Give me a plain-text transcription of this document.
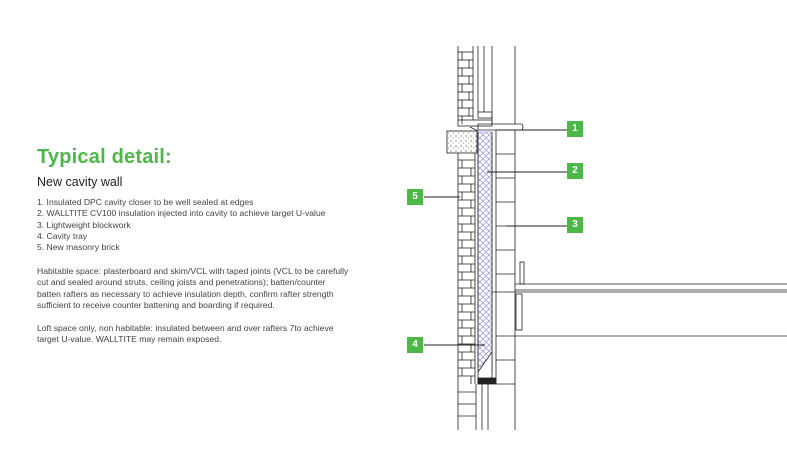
Typical detail:
New cavity wall
1. Insulated DPC cavity closer to be well sealed at edges
2. WALLTITE CV100 insulation injected into cavity to achieve target U-value
3. Lightweight blockwork
4. Cavity tray
5. New masonry brick
Habitable space: plasterboard and skim/VCL with taped joints (VCL to be carefully
cut and sealed around struts, ceiling joists and penetrations); batten/counter
batten rafters as necessary to achieve insulation depth, confirm rafter strength
sufficient to receive counter battening and boarding if required.
Loft space only, non habitable: insulated between and over rafters 7to achieve
target U-value. WALLTITE may remain exposed.
1
2
3
4
5
